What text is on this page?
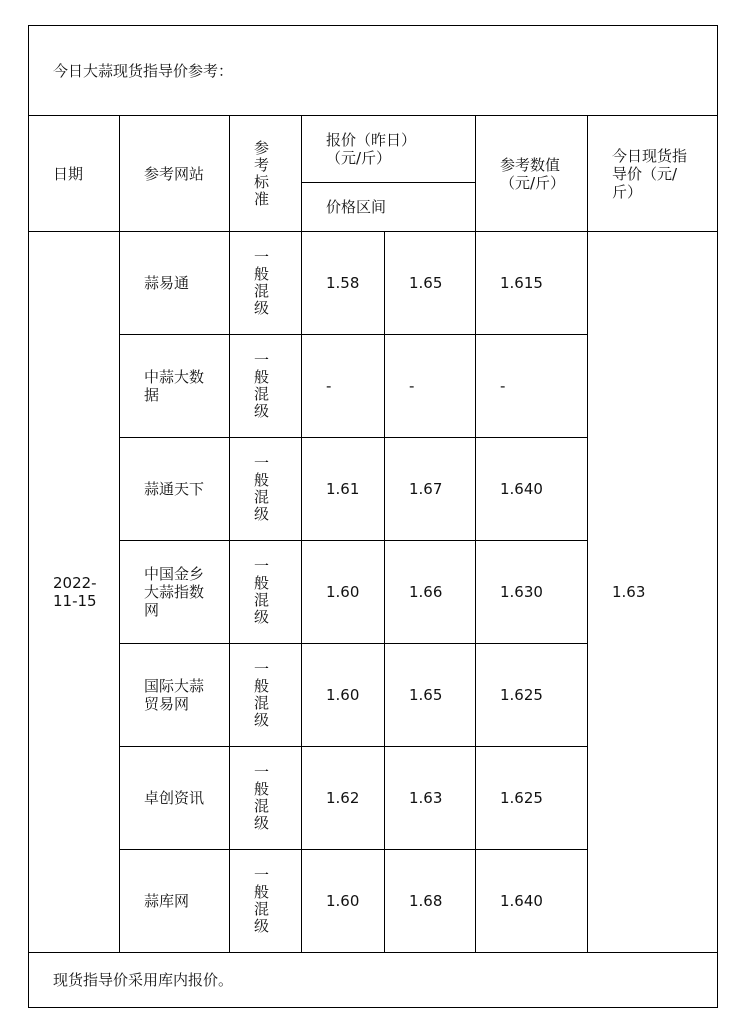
今日大蒜现货指导价参考：						
日期	参考网站	参考标准	报价（昨日）（元/斤）		参考数值（元/斤）	今日现货指导价（元/斤）

			价格区间			

2022-11-15	蒜易通	一般混级	1.58	1.65	1.615	1.63

	中蒜大数据	一般混级	-	-	-	

	蒜通天下	一般混级	1.61	1.67	1.640	

	中国金乡大蒜指数网	一般混级	1.60	1.66	1.630	

	国际大蒜贸易网	一般混级	1.60	1.65	1.625	

	卓创资讯	一般混级	1.62	1.63	1.625	

	蒜库网	一般混级	1.60	1.68	1.640	
现货指导价采用库内报价。						
